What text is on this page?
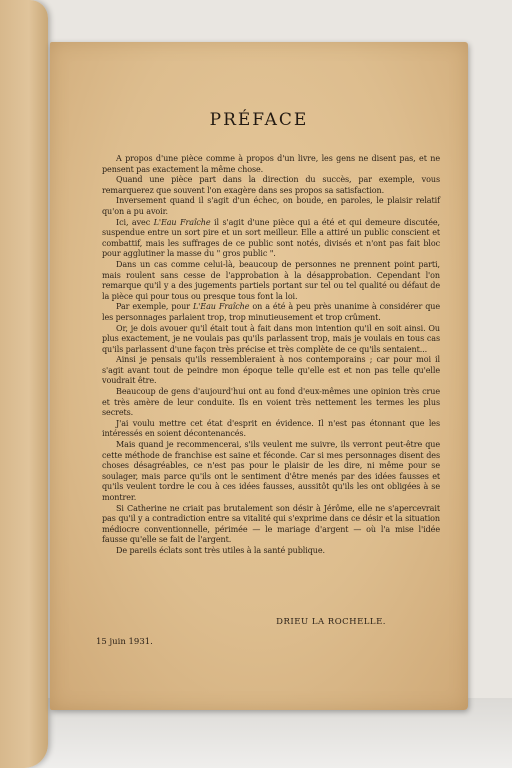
PRÉFACE

A propos d'une pièce comme à propos d'un livre, les gens ne disent pas, et ne pensent pas exactement la même chose.

Quand une pièce part dans la direction du succès, par exemple, vous remarquerez que souvent l'on exagère dans ses propos sa satisfaction.

Inversement quand il s'agit d'un échec, on boude, en paroles, le plaisir relatif qu'on a pu avoir.

Ici, avec L'Eau Fraîche il s'agit d'une pièce qui a été et qui demeure discutée, suspendue entre un sort pire et un sort meilleur. Elle a attiré un public conscient et combattif, mais les suffrages de ce public sont notés, divisés et n'ont pas fait bloc pour agglutiner la masse du " gros public ".

Dans un cas comme celui-là, beaucoup de personnes ne prennent point parti, mais roulent sans cesse de l'approbation à la désapprobation. Cependant l'on remarque qu'il y a des jugements partiels portant sur tel ou tel qualité ou défaut de la pièce qui pour tous ou presque tous font la loi.

Par exemple, pour L'Eau Fraîche on a été à peu près unanime à considérer que les personnages parlaient trop, trop minutieusement et trop crûment.

Or, je dois avouer qu'il était tout à fait dans mon intention qu'il en soit ainsi. Ou plus exactement, je ne voulais pas qu'ils parlassent trop, mais je voulais en tous cas qu'ils parlassent d'une façon très précise et très complète de ce qu'ils sentaient...

Ainsi je pensais qu'ils ressembleraient à nos contemporains ; car pour moi il s'agit avant tout de peindre mon époque telle qu'elle est et non pas telle qu'elle voudrait être.

Beaucoup de gens d'aujourd'hui ont au fond d'eux-mêmes une opinion très crue et très amère de leur conduite. Ils en voient très nettement les termes les plus secrets.

J'ai voulu mettre cet état d'esprit en évidence. Il n'est pas étonnant que les intéressés en soient décontenancés.

Mais quand je recommencerai, s'ils veulent me suivre, ils verront peut-être que cette méthode de franchise est saine et féconde. Car si mes personnages disent des choses désagréables, ce n'est pas pour le plaisir de les dire, ni même pour se soulager, mais parce qu'ils ont le sentiment d'être menés par des idées fausses et qu'ils veulent tordre le cou à ces idées fausses, aussitôt qu'ils les ont obligées à se montrer.

Si Catherine ne criait pas brutalement son désir à Jérôme, elle ne s'apercevrait pas qu'il y a contradiction entre sa vitalité qui s'exprime dans ce désir et la situation médiocre conventionnelle, périmée — le mariage d'argent — où l'a mise l'idée fausse qu'elle se fait de l'argent.

De pareils éclats sont très utiles à la santé publique.

DRIEU LA ROCHELLE.
15 juin 1931.
